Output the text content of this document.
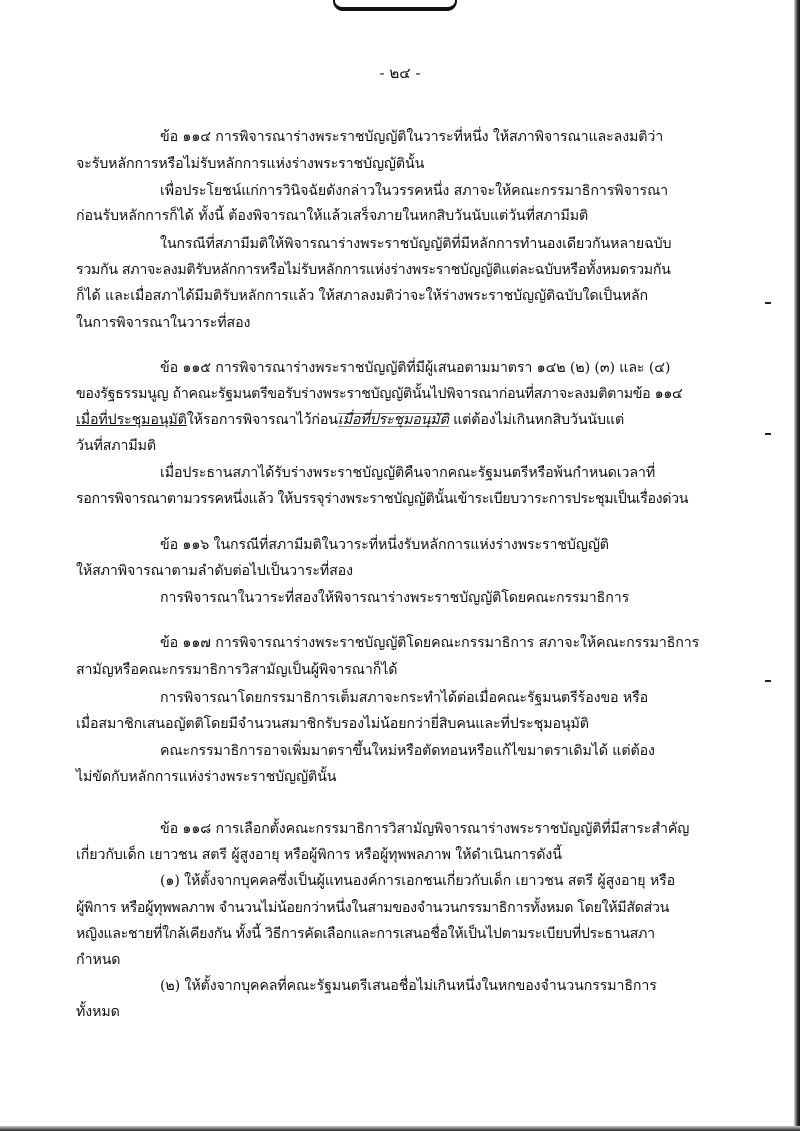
- ๒๔ -
ข้อ ๑๑๔ การพิจารณาร่างพระราชบัญญัติในวาระที่หนึ่ง ให้สภาพิจารณาและลงมติว่า
จะรับหลักการหรือไม่รับหลักการแห่งร่างพระราชบัญญัตินั้น
เพื่อประโยชน์แก่การวินิจฉัยดังกล่าวในวรรคหนึ่ง สภาจะให้คณะกรรมาธิการพิจารณา
ก่อนรับหลักการก็ได้ ทั้งนี้ ต้องพิจารณาให้แล้วเสร็จภายในหกสิบวันนับแต่วันที่สภามีมติ
ในกรณีที่สภามีมติให้พิจารณาร่างพระราชบัญญัติที่มีหลักการทำนองเดียวกันหลายฉบับ
รวมกัน สภาจะลงมติรับหลักการหรือไม่รับหลักการแห่งร่างพระราชบัญญัติแต่ละฉบับหรือทั้งหมดรวมกัน
ก็ได้ และเมื่อสภาได้มีมติรับหลักการแล้ว ให้สภาลงมติว่าจะให้ร่างพระราชบัญญัติฉบับใดเป็นหลัก
ในการพิจารณาในวาระที่สอง
ข้อ ๑๑๕ การพิจารณาร่างพระราชบัญญัติที่มีผู้เสนอตามมาตรา ๑๔๒ (๒) (๓) และ (๔)
ของรัฐธรรมนูญ ถ้าคณะรัฐมนตรีขอรับร่างพระราชบัญญัตินั้นไปพิจารณาก่อนที่สภาจะลงมติตามข้อ ๑๑๔
เมื่อที่ประชุมอนุมัติให้รอการพิจารณาไว้ก่อนเมื่อที่ประชุมอนุมัติ แต่ต้องไม่เกินหกสิบวันนับแต่
วันที่สภามีมติ
เมื่อประธานสภาได้รับร่างพระราชบัญญัติคืนจากคณะรัฐมนตรีหรือพ้นกำหนดเวลาที่
รอการพิจารณาตามวรรคหนึ่งแล้ว ให้บรรจุร่างพระราชบัญญัตินั้นเข้าระเบียบวาระการประชุมเป็นเรื่องด่วน
ข้อ ๑๑๖ ในกรณีที่สภามีมติในวาระที่หนึ่งรับหลักการแห่งร่างพระราชบัญญัติ
ให้สภาพิจารณาตามลำดับต่อไปเป็นวาระที่สอง
การพิจารณาในวาระที่สองให้พิจารณาร่างพระราชบัญญัติโดยคณะกรรมาธิการ
ข้อ ๑๑๗ การพิจารณาร่างพระราชบัญญัติโดยคณะกรรมาธิการ สภาจะให้คณะกรรมาธิการ
สามัญหรือคณะกรรมาธิการวิสามัญเป็นผู้พิจารณาก็ได้
การพิจารณาโดยกรรมาธิการเต็มสภาจะกระทำได้ต่อเมื่อคณะรัฐมนตรีร้องขอ หรือ
เมื่อสมาชิกเสนอญัตติโดยมีจำนวนสมาชิกรับรองไม่น้อยกว่ายี่สิบคนและที่ประชุมอนุมัติ
คณะกรรมาธิการอาจเพิ่มมาตราขึ้นใหม่หรือตัดทอนหรือแก้ไขมาตราเดิมได้ แต่ต้อง
ไม่ขัดกับหลักการแห่งร่างพระราชบัญญัตินั้น
ข้อ ๑๑๘ การเลือกตั้งคณะกรรมาธิการวิสามัญพิจารณาร่างพระราชบัญญัติที่มีสาระสำคัญ
เกี่ยวกับเด็ก เยาวชน สตรี ผู้สูงอายุ หรือผู้พิการ หรือผู้ทุพพลภาพ ให้ดำเนินการดังนี้
(๑) ให้ตั้งจากบุคคลซึ่งเป็นผู้แทนองค์การเอกชนเกี่ยวกับเด็ก เยาวชน สตรี ผู้สูงอายุ หรือ
ผู้พิการ หรือผู้ทุพพลภาพ จำนวนไม่น้อยกว่าหนึ่งในสามของจำนวนกรรมาธิการทั้งหมด โดยให้มีสัดส่วน
หญิงและชายที่ใกล้เคียงกัน ทั้งนี้ วิธีการคัดเลือกและการเสนอชื่อให้เป็นไปตามระเบียบที่ประธานสภา
กำหนด
(๒) ให้ตั้งจากบุคคลที่คณะรัฐมนตรีเสนอชื่อไม่เกินหนึ่งในหกของจำนวนกรรมาธิการ
ทั้งหมด
